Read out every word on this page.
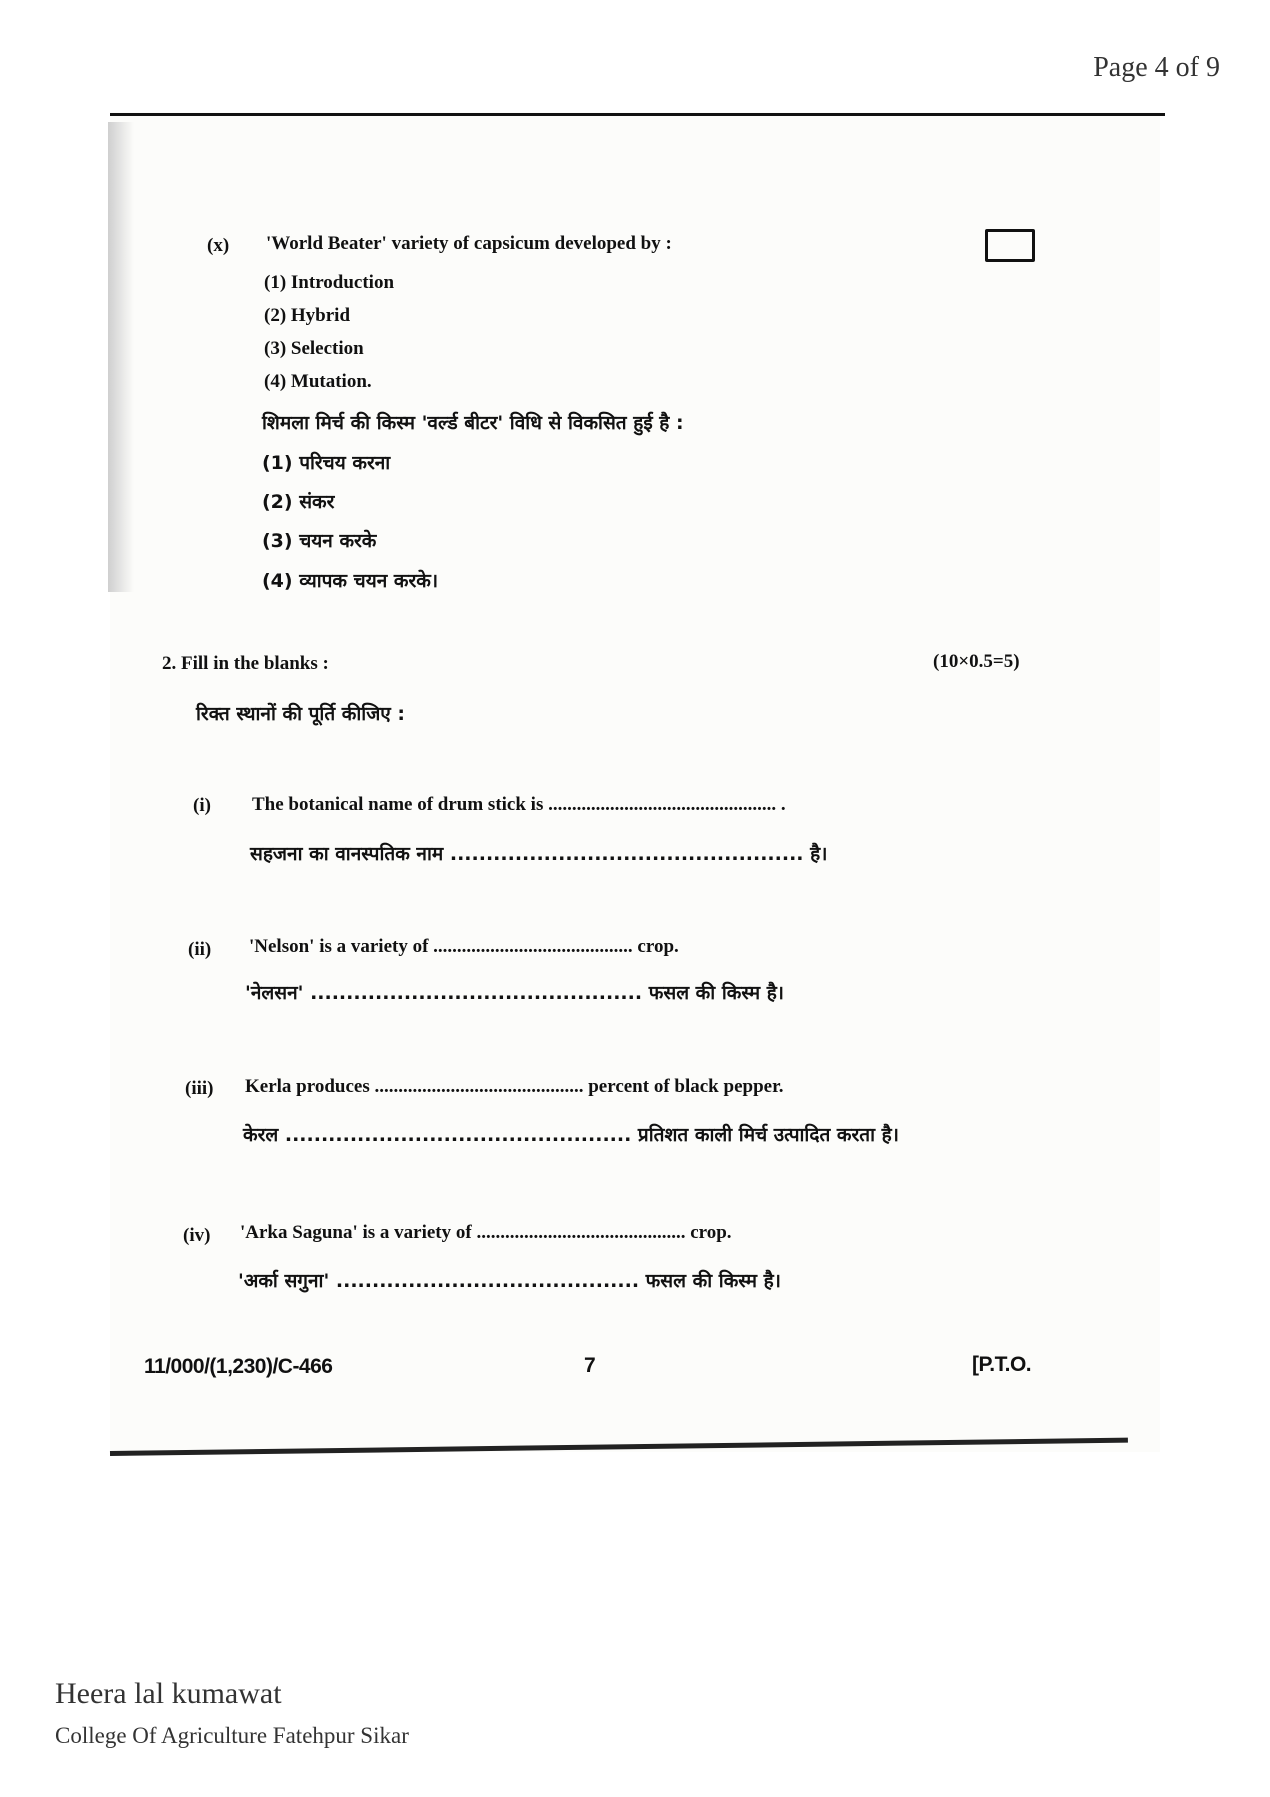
Page 4 of 9
(x) 'World Beater' variety of capsicum developed by :
(1) Introduction
(2) Hybrid
(3) Selection
(4) Mutation.
शिमला मिर्च की किस्म 'वर्ल्ड बीटर' विधि से विकसित हुई है :
(1) परिचय करना
(2) संकर
(3) चयन करके
(4) व्यापक चयन करके।
2. Fill in the blanks :	(10×0.5=5)
रिक्त स्थानों की पूर्ति कीजिए :
(i) The botanical name of drum stick is ................................................ .
सहजना का वानस्पतिक नाम ................................................. है।
(ii) 'Nelson' is a variety of .......................................... crop.
'नेलसन' .............................................. फसल की किस्म है।
(iii) Kerla produces ............................................ percent of black pepper.
केरल ................................................ प्रतिशत काली मिर्च उत्पादित करता है।
(iv) 'Arka Saguna' is a variety of ............................................ crop.
'अर्का सगुना' .......................................... फसल की किस्म है।
11/000/(1,230)/C-466	7	[P.T.O.
Heera lal kumawat
College Of Agriculture Fatehpur Sikar
